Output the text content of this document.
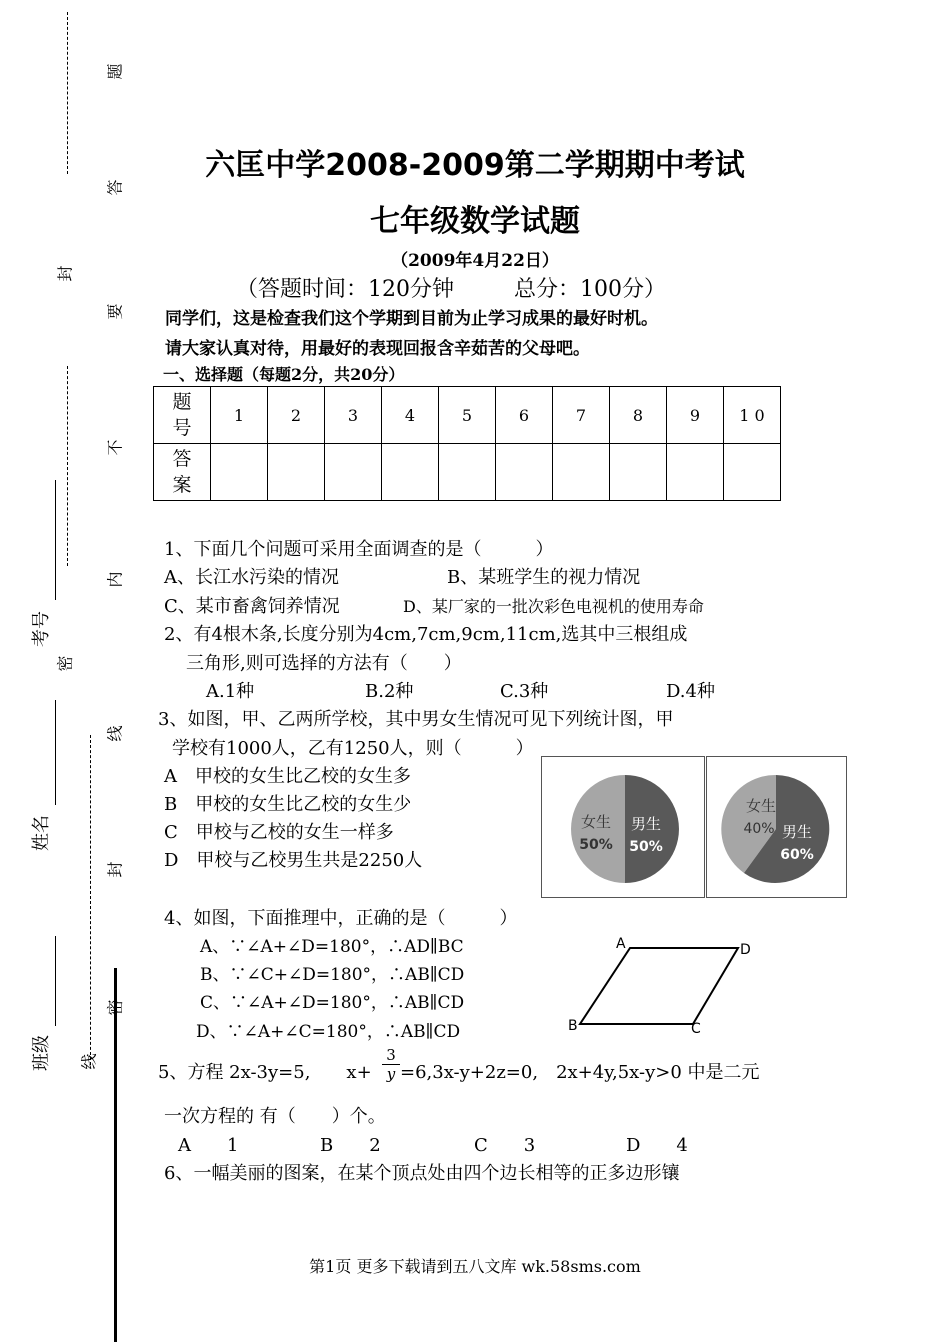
题
答
封
要
不
内
密
线
封
密
线
考号
姓名
班级
六匡中学2008-2009第二学期期中考试
七年级数学试题
（2009年4月22日）
（答题时间：120分钟	总分：100分）
同学们，这是检查我们这个学期到目前为止学习成果的最好时机。
请大家认真对待，用最好的表现回报含辛茹苦的父母吧。
一、选择题（每题2分，共20分）
题
号	1	2	3	4	5	6	7	8	9	1 0
答
案										
1、下面几个问题可采用全面调查的是（　　　）
A、长江水污染的情况	B、某班学生的视力情况
C、某市畜禽饲养情况	D、某厂家的一批次彩色电视机的使用寿命
2、有4根木条,长度分别为4cm,7cm,9cm,11cm,选其中三根组成
三角形,则可选择的方法有（　　）
A.1种	B.2种	C.3种	D.4种
3、如图，甲、乙两所学校，其中男女生情况可见下列统计图，甲
学校有1000人，乙有1250人，则（　　　）
A　甲校的女生比乙校的女生多
B　甲校的女生比乙校的女生少
C　甲校与乙校的女生一样多
D　甲校与乙校男生共是2250人
女生
50%
男生
50%
女生
40% 男生
60%
4、如图，下面推理中，正确的是（　　　）
A、∵∠A+∠D=180°，∴AD∥BC
B、∵∠C+∠D=180°，∴AB∥CD
C、∵∠A+∠D=180°，∴AB∥CD
D、∵∠A+∠C=180°，∴AB∥CD
A	D
B	C
5、方程 2x-3y=5,　　x+
3
y =6,3x-y+2z=0,　2x+4y,5x-y>0 中是二元
一次方程的 有（　　）个。
A　　1	B　　2	C　　3	D　　4
6、一幅美丽的图案，在某个顶点处由四个边长相等的正多边形镶
第1页 更多下载请到五八文库 wk.58sms.com
